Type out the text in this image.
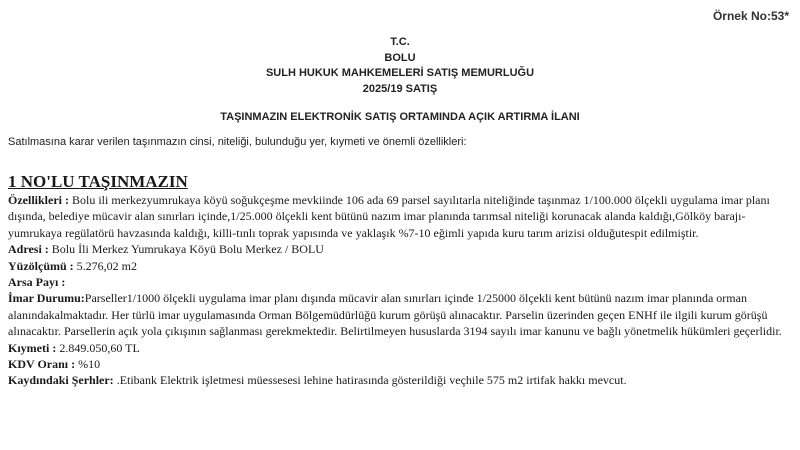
Örnek No:53*
T.C.
BOLU
SULH HUKUK MAHKEMELERİ SATIŞ MEMURLUĞU
2025/19 SATIŞ
TAŞINMAZIN ELEKTRONİK SATIŞ ORTAMINDA AÇIK ARTIRMA İLANI
Satılmasına karar verilen taşınmazın cinsi, niteliği, bulunduğu yer, kıymeti ve önemli özellikleri:
1 NO'LU TAŞINMAZIN

Özellikleri : Bolu ili merkezyumrukaya köyü soğukçeşme mevkiinde 106 ada 69 parsel sayılıtarla niteliğinde taşınmaz 1/100.000 ölçekli uygulama imar planı dışında, belediye mücavir alan sınırları içinde,1/25.000 ölçekli kent bütünü nazım imar planında tarımsal niteliği korunacak alanda kaldığı,Gölköy barajı-yumrukaya regülatörü havzasında kaldığı, killi-tınlı toprak yapısında ve yaklaşık %7-10 eğimli yapıda kuru tarım arizisi olduğutespit edilmiştir.

Adresi : Bolu İli Merkez Yumrukaya Köyü Bolu Merkez / BOLU

Yüzölçümü : 5.276,02 m2

Arsa Payı :

İmar Durumu:Parseller1/1000 ölçekli uygulama imar planı dışında mücavir alan sınırları içinde 1/25000 ölçekli kent bütünü nazım imar planında orman alanındakalmaktadır. Her türlü imar uygulamasında Orman Bölgemüdürlüğü kurum görüşü alınacaktır. Parselin üzerinden geçen ENHf ile ilgili kurum görüşü alınacaktır. Parsellerin açık yola çıkışının sağlanması gerekmektedir. Belirtilmeyen hususlarda 3194 sayılı imar kanunu ve bağlı yönetmelik hükümleri geçerlidir.

Kıymeti : 2.849.050,60 TL

KDV Oranı : %10

Kaydındaki Şerhler: .Etibank Elektrik işletmesi müessesesi lehine hatirasında gösterildiği veçhile 575 m2 irtifak hakkı mevcut.
